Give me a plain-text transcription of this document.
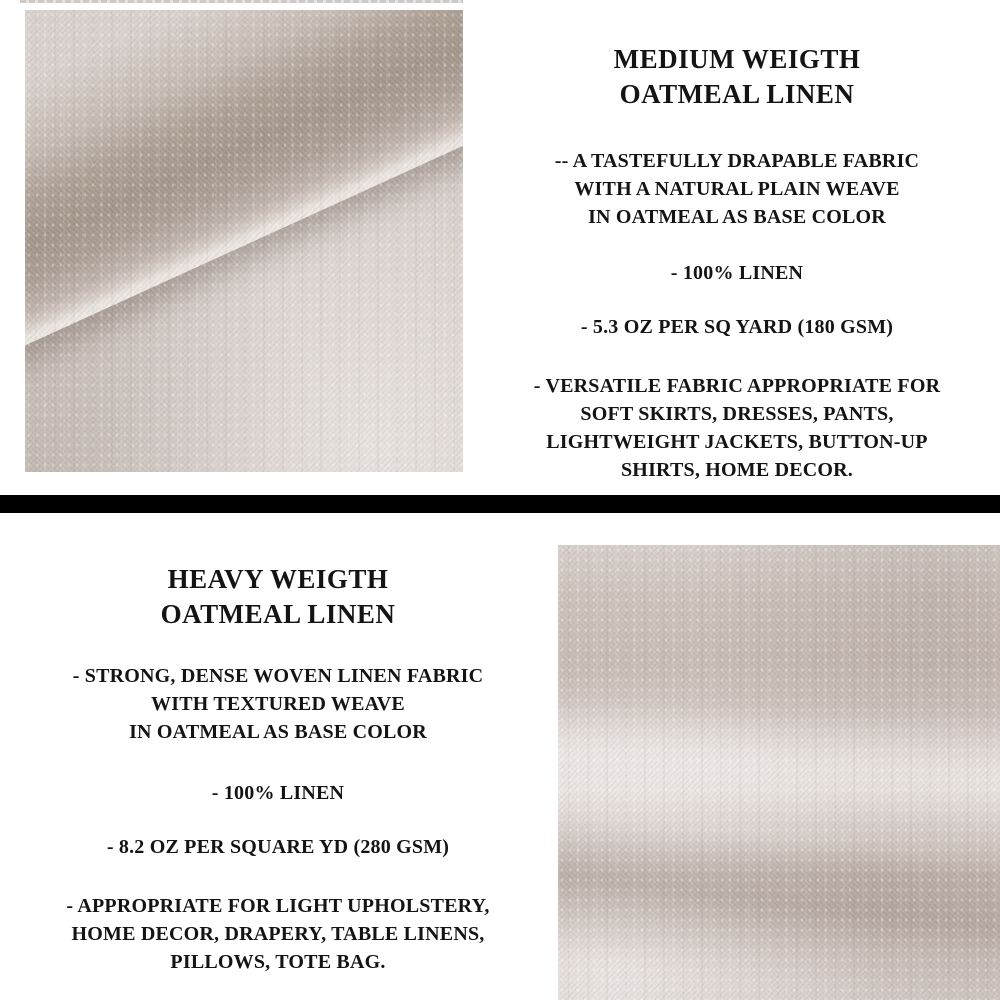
MEDIUM WEIGTH
OATMEAL LINEN
-- A TASTEFULLY DRAPABLE FABRIC
WITH A NATURAL PLAIN WEAVE
IN OATMEAL AS BASE COLOR
- 100% LINEN
- 5.3 OZ PER SQ YARD (180 GSM)
- VERSATILE FABRIC APPROPRIATE FOR
SOFT SKIRTS, DRESSES, PANTS,
LIGHTWEIGHT JACKETS, BUTTON-UP
SHIRTS, HOME DECOR.
HEAVY WEIGTH
OATMEAL LINEN
- STRONG, DENSE WOVEN LINEN FABRIC
WITH TEXTURED WEAVE
IN OATMEAL AS BASE COLOR
- 100% LINEN
- 8.2 OZ PER SQUARE YD (280 GSM)
- APPROPRIATE FOR LIGHT UPHOLSTERY,
HOME DECOR, DRAPERY, TABLE LINENS,
PILLOWS, TOTE BAG.
